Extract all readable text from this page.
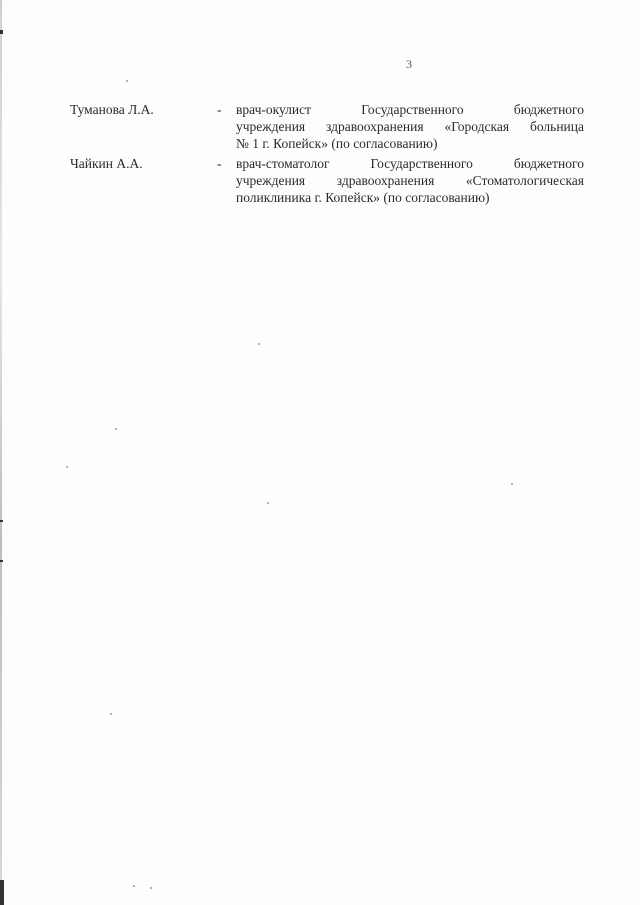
3
Туманова Л.А.	- врач-окулист Государственного бюджетного
учреждения здравоохранения «Городская больница
№ 1 г. Копейск» (по согласованию)
Чайкин А.А.	- врач-стоматолог Государственного бюджетного
учреждения здравоохранения «Стоматологическая
поликлиника г. Копейск» (по согласованию)
